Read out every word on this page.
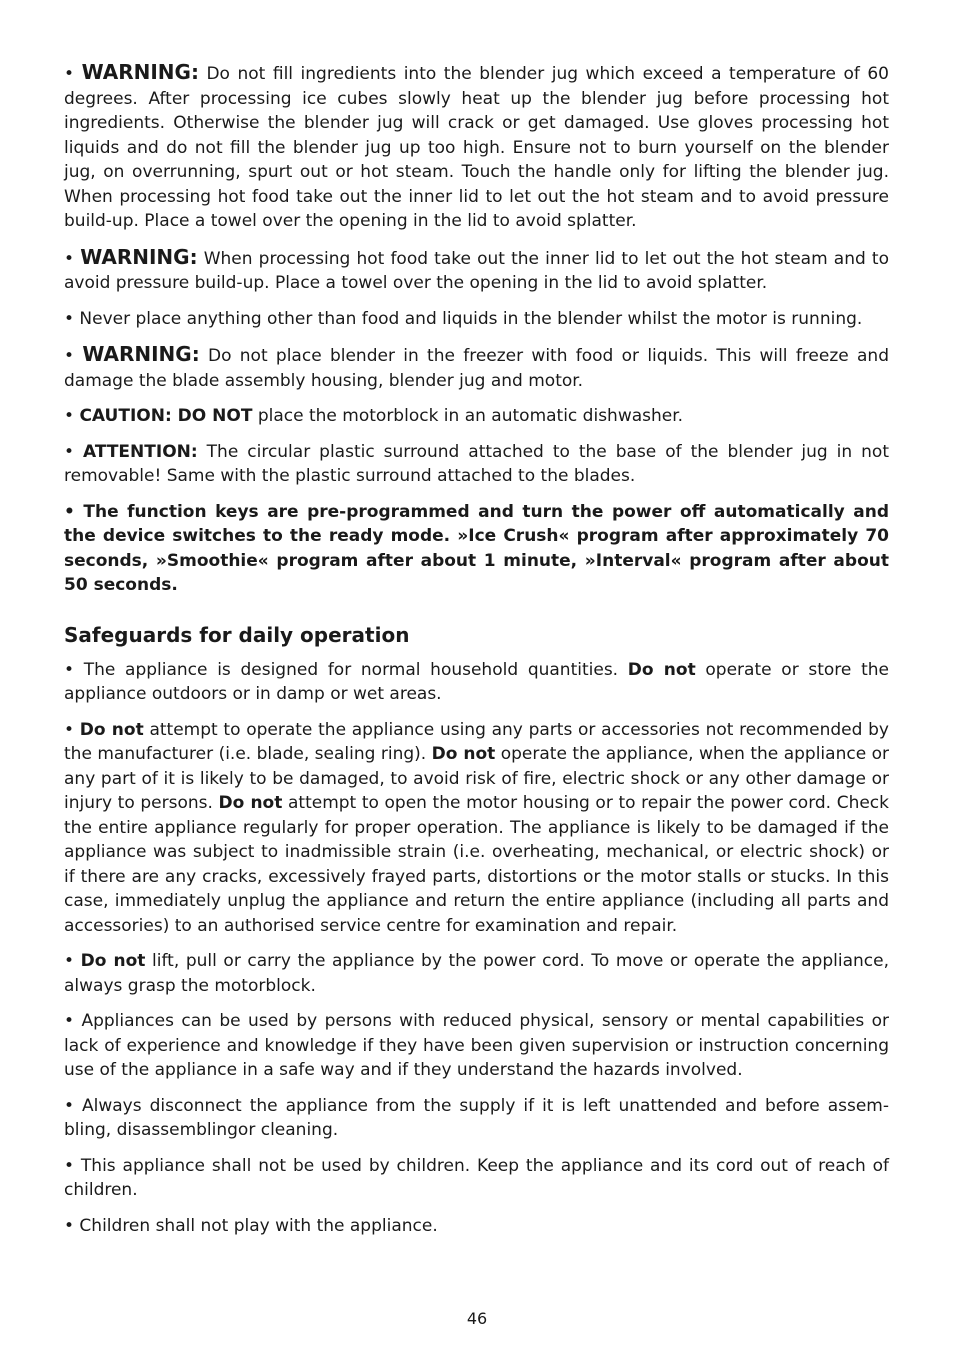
• WARNING: Do not fill ingredients into the blender jug which exceed a temperature of 60 degrees. After processing ice cubes slowly heat up the blender jug before processing hot ingredients. Otherwise the blender jug will crack or get damaged. Use gloves processing hot liquids and do not fill the blender jug up too high. Ensure not to burn yourself on the blender jug, on overrunning, spurt out or hot steam. Touch the handle only for lifting the blender jug. When processing hot food take out the inner lid to let out the hot steam and to avoid pressure build-up. Place a towel over the opening in the lid to avoid splatter.

• WARNING: When processing hot food take out the inner lid to let out the hot steam and to avoid pressure build-up. Place a towel over the opening in the lid to avoid splatter.

• Never place anything other than food and liquids in the blender whilst the motor is running.

• WARNING: Do not place blender in the freezer with food or liquids. This will freeze and damage the blade assembly housing, blender jug and motor.

• CAUTION: DO NOT place the motorblock in an automatic dishwasher.

• ATTENTION: The circular plastic surround attached to the base of the blender jug in not removable! Same with the plastic surround attached to the blades.

• The function keys are pre-programmed and turn the power off automatically and the device switches to the ready mode. »Ice Crush« program after approximately 70 seconds, »Smoothie« program after about 1 minute, »Interval« program after about 50 seconds.

Safeguards for daily operation

• The appliance is designed for normal household quantities. Do not operate or store the appliance outdoors or in damp or wet areas.

• Do not attempt to operate the appliance using any parts or accessories not recommended by the manufacturer (i.e. blade, sealing ring). Do not operate the appliance, when the appliance or any part of it is likely to be damaged, to avoid risk of fire, electric shock or any other damage or injury to persons. Do not attempt to open the motor housing or to repair the power cord. Check the entire appliance regularly for proper operation. The appliance is likely to be damaged if the appliance was subject to inadmissible strain (i.e. overheating, mechanical, or electric shock) or if there are any cracks, excessively frayed parts, distortions or the motor stalls or stucks. In this case, immediately unplug the appliance and return the entire appliance (including all parts and accessories) to an authorised service centre for examination and repair.

• Do not lift, pull or carry the appliance by the power cord. To move or operate the appliance, always grasp the motorblock.

• Appliances can be used by persons with reduced physical, sensory or mental capabilities or lack of experience and knowledge if they have been given supervision or instruction concerning use of the appliance in a safe way and if they understand the hazards involved.

• Always disconnect the appliance from the supply if it is left unattended and before assembling, disassemblingor cleaning.

• This appliance shall not be used by children. Keep the appliance and its cord out of reach of children.

• Children shall not play with the appliance.

46
